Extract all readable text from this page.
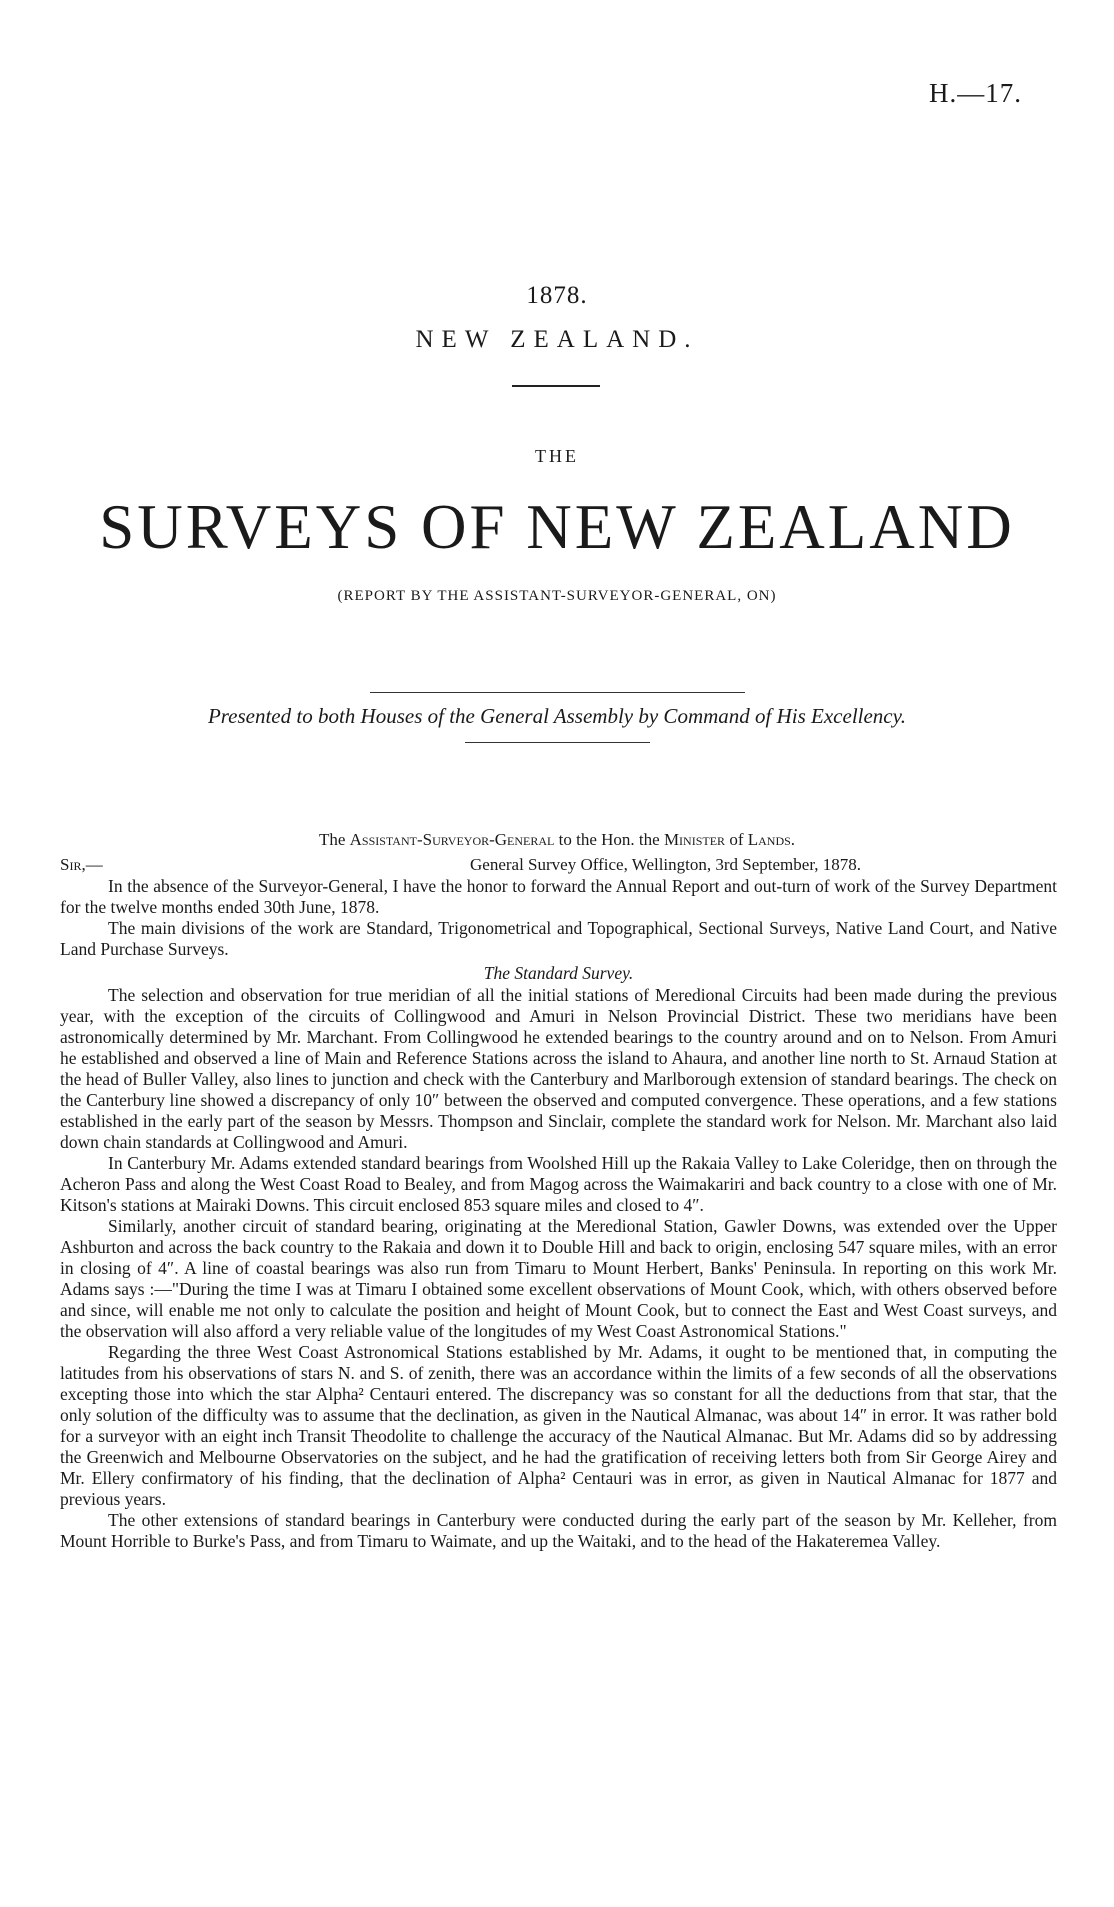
H.—17.
1878.
NEW ZEALAND.
THE
SURVEYS OF NEW ZEALAND
(REPORT BY THE ASSISTANT-SURVEYOR-GENERAL, ON)
Presented to both Houses of the General Assembly by Command of His Excellency.
The Assistant-Surveyor-General to the Hon. the Minister of Lands.
Sir,—	General Survey Office, Wellington, 3rd September, 1878.

In the absence of the Surveyor-General, I have the honor to forward the Annual Report and out-turn of work of the Survey Department for the twelve months ended 30th June, 1878.

The main divisions of the work are Standard, Trigonometrical and Topographical, Sectional Surveys, Native Land Court, and Native Land Purchase Surveys.

The Standard Survey.

The selection and observation for true meridian of all the initial stations of Meredional Circuits had been made during the previous year, with the exception of the circuits of Collingwood and Amuri in Nelson Provincial District. These two meridians have been astronomically determined by Mr. Marchant. From Collingwood he extended bearings to the country around and on to Nelson. From Amuri he established and observed a line of Main and Reference Stations across the island to Ahaura, and another line north to St. Arnaud Station at the head of Buller Valley, also lines to junction and check with the Canterbury and Marlborough extension of standard bearings. The check on the Canterbury line showed a discrepancy of only 10″ between the observed and computed convergence. These operations, and a few stations established in the early part of the season by Messrs. Thompson and Sinclair, complete the standard work for Nelson. Mr. Marchant also laid down chain standards at Collingwood and Amuri.

In Canterbury Mr. Adams extended standard bearings from Woolshed Hill up the Rakaia Valley to Lake Coleridge, then on through the Acheron Pass and along the West Coast Road to Bealey, and from Magog across the Waimakariri and back country to a close with one of Mr. Kitson's stations at Mairaki Downs. This circuit enclosed 853 square miles and closed to 4″.

Similarly, another circuit of standard bearing, originating at the Meredional Station, Gawler Downs, was extended over the Upper Ashburton and across the back country to the Rakaia and down it to Double Hill and back to origin, enclosing 547 square miles, with an error in closing of 4″. A line of coastal bearings was also run from Timaru to Mount Herbert, Banks' Peninsula. In reporting on this work Mr. Adams says :—"During the time I was at Timaru I obtained some excellent observations of Mount Cook, which, with others observed before and since, will enable me not only to calculate the position and height of Mount Cook, but to connect the East and West Coast surveys, and the observation will also afford a very reliable value of the longitudes of my West Coast Astronomical Stations."

Regarding the three West Coast Astronomical Stations established by Mr. Adams, it ought to be mentioned that, in computing the latitudes from his observations of stars N. and S. of zenith, there was an accordance within the limits of a few seconds of all the observations excepting those into which the star Alpha² Centauri entered. The discrepancy was so constant for all the deductions from that star, that the only solution of the difficulty was to assume that the declination, as given in the Nautical Almanac, was about 14″ in error. It was rather bold for a surveyor with an eight inch Transit Theodolite to challenge the accuracy of the Nautical Almanac. But Mr. Adams did so by addressing the Greenwich and Melbourne Observatories on the subject, and he had the gratification of receiving letters both from Sir George Airey and Mr. Ellery confirmatory of his finding, that the declination of Alpha² Centauri was in error, as given in Nautical Almanac for 1877 and previous years.

The other extensions of standard bearings in Canterbury were conducted during the early part of the season by Mr. Kelleher, from Mount Horrible to Burke's Pass, and from Timaru to Waimate, and up the Waitaki, and to the head of the Hakateremea Valley.
